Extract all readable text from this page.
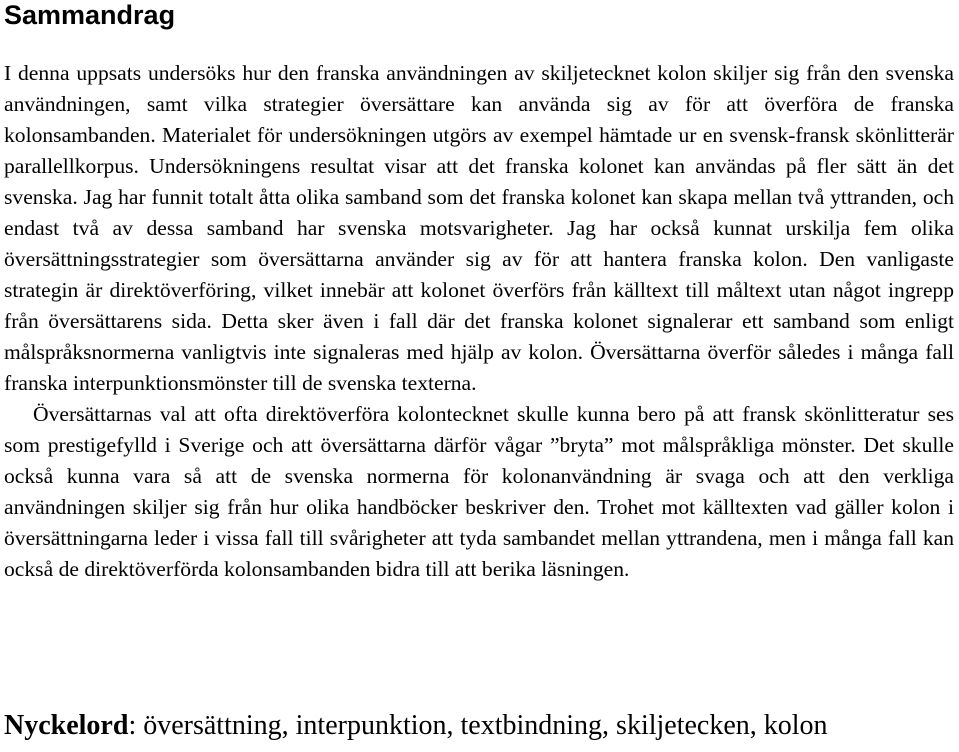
Sammandrag

I denna uppsats undersöks hur den franska användningen av skiljetecknet kolon skiljer sig från den svenska användningen, samt vilka strategier översättare kan använda sig av för att överföra de franska kolonsambanden. Materialet för undersökningen utgörs av exempel hämtade ur en svensk-fransk skönlitterär parallellkorpus. Undersökningens resultat visar att det franska kolonet kan användas på fler sätt än det svenska. Jag har funnit totalt åtta olika samband som det franska kolonet kan skapa mellan två yttranden, och endast två av dessa samband har svenska motsvarigheter. Jag har också kunnat urskilja fem olika översättningsstrategier som översättarna använder sig av för att hantera franska kolon. Den vanligaste strategin är direktöverföring, vilket innebär att kolonet överförs från källtext till måltext utan något ingrepp från översättarens sida. Detta sker även i fall där det franska kolonet signalerar ett samband som enligt målspråksnormerna vanligtvis inte signaleras med hjälp av kolon. Översättarna överför således i många fall franska interpunktionsmönster till de svenska texterna.

Översättarnas val att ofta direktöverföra kolontecknet skulle kunna bero på att fransk skönlitteratur ses som prestigefylld i Sverige och att översättarna därför vågar ”bryta” mot målspråkliga mönster. Det skulle också kunna vara så att de svenska normerna för kolonanvändning är svaga och att den verkliga användningen skiljer sig från hur olika handböcker beskriver den. Trohet mot källtexten vad gäller kolon i översättningarna leder i vissa fall till svårigheter att tyda sambandet mellan yttrandena, men i många fall kan också de direktöverförda kolonsambanden bidra till att berika läsningen.

Nyckelord: översättning, interpunktion, textbindning, skiljetecken, kolon
